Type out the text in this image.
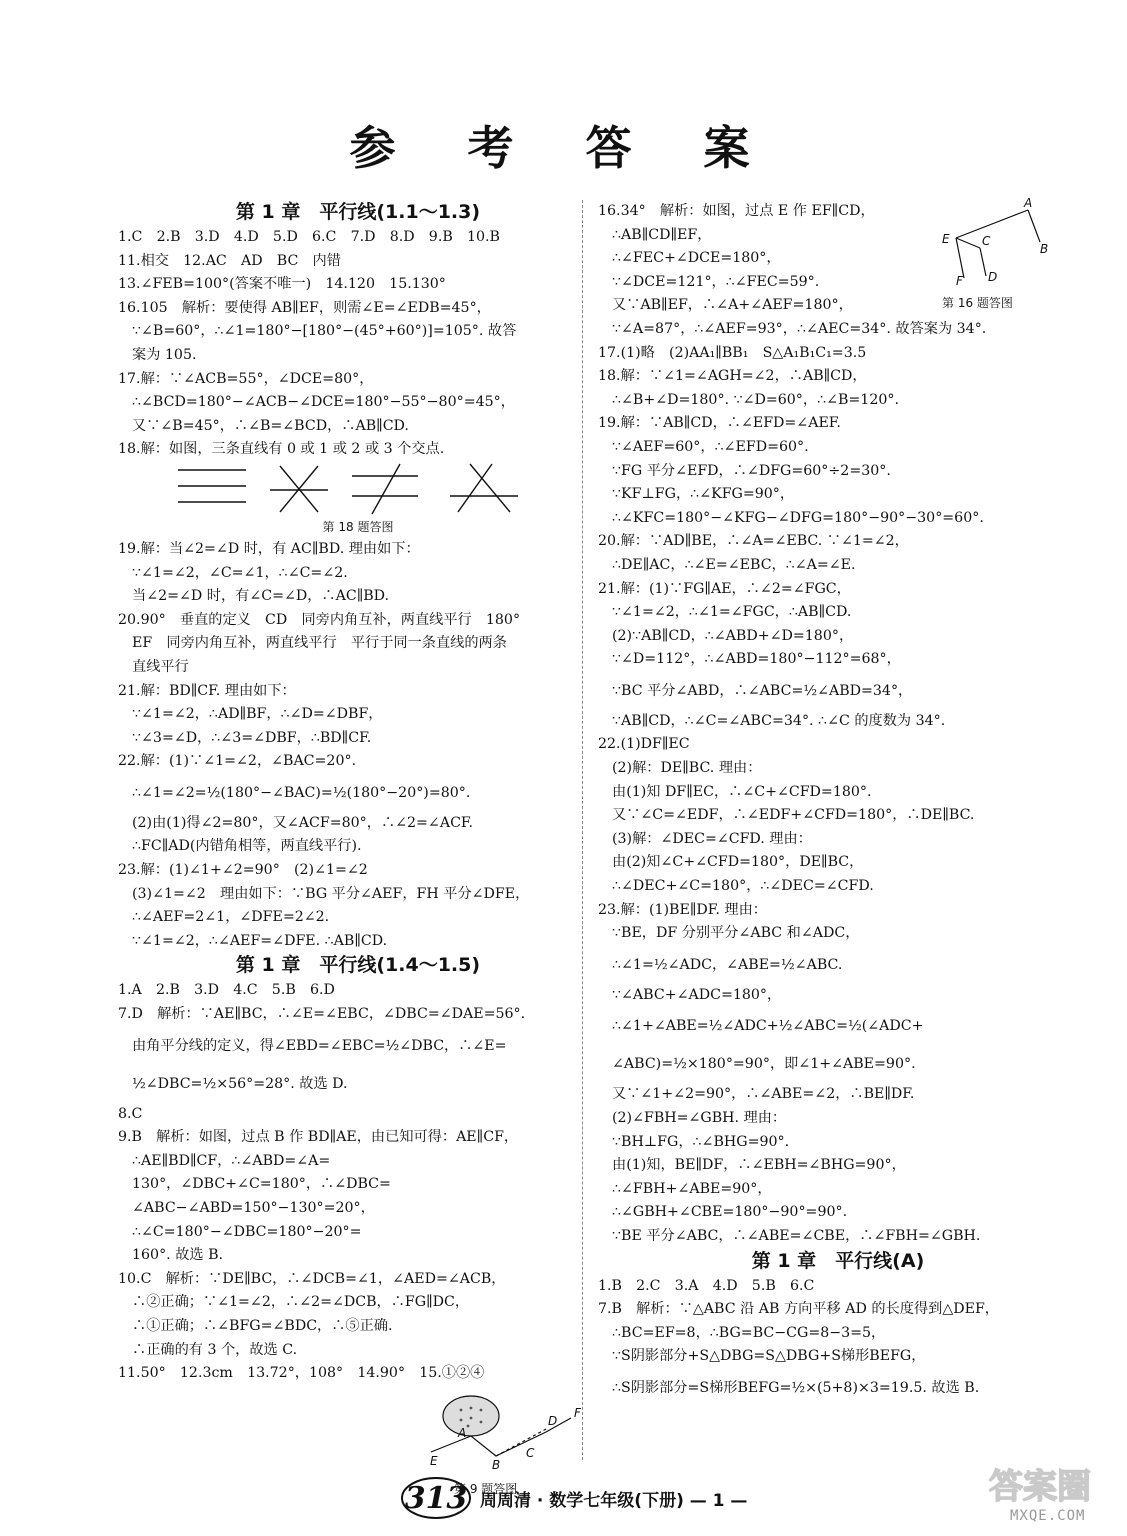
参 考 答 案
第 1 章　平行线(1.1～1.3)
1.C　2.B　3.D　4.D　5.D　6.C　7.D　8.D　9.B　10.B
11.相交　12.AC　AD　BC　内错
13.∠FEB=100°(答案不唯一)　14.120　15.130°
16.105　解析：要使得 AB∥EF，则需∠E=∠EDB=45°，
∵∠B=60°，∴∠1=180°−[180°−(45°+60°)]=105°. 故答
案为 105.
17.解：∵∠ACB=55°，∠DCE=80°，
∴∠BCD=180°−∠ACB−∠DCE=180°−55°−80°=45°，
又∵∠B=45°，∴∠B=∠BCD，∴AB∥CD.
18.解：如图，三条直线有 0 或 1 或 2 或 3 个交点.
第 18 题答图
19.解：当∠2=∠D 时，有 AC∥BD. 理由如下：
∵∠1=∠2，∠C=∠1，∴∠C=∠2.
当∠2=∠D 时，有∠C=∠D，∴AC∥BD.
20.90°　垂直的定义　CD　同旁内角互补，两直线平行　180°
EF　同旁内角互补，两直线平行　平行于同一条直线的两条
直线平行
21.解：BD∥CF. 理由如下：
∵∠1=∠2，∴AD∥BF，∴∠D=∠DBF，
∵∠3=∠D，∴∠3=∠DBF，∴BD∥CF.
22.解：(1)∵∠1=∠2，∠BAC=20°.
∴∠1=∠2=½(180°−∠BAC)=½(180°−20°)=80°.
(2)由(1)得∠2=80°，又∠ACF=80°，∴∠2=∠ACF.
∴FC∥AD(内错角相等，两直线平行).
23.解：(1)∠1+∠2=90°　(2)∠1=∠2
(3)∠1=∠2　理由如下：∵BG 平分∠AEF，FH 平分∠DFE，
∴∠AEF=2∠1，∠DFE=2∠2.
∵∠1=∠2，∴∠AEF=∠DFE. ∴AB∥CD.
第 1 章　平行线(1.4～1.5)
1.A　2.B　3.D　4.C　5.B　6.D
7.D　解析：∵AE∥BC，∴∠E=∠EBC，∠DBC=∠DAE=56°.
由角平分线的定义，得∠EBD=∠EBC=½∠DBC，∴∠E=
½∠DBC=½×56°=28°. 故选 D.
8.C
9.B　解析：如图，过点 B 作 BD∥AE，由已知可得：AE∥CF，
∴AE∥BD∥CF，∴∠ABD=∠A=
130°，∠DBC+∠C=180°，∴∠DBC=
∠ABC−∠ABD=150°−130°=20°，
∴∠C=180°−∠DBC=180°−20°=
160°. 故选 B.
10.C　解析：∵DE∥BC，∴∠DCB=∠1，∠AED=∠ACB，
∴②正确；∵∠1=∠2，∴∠2=∠DCB，∴FG∥DC，
∴①正确；∴∠BFG=∠BDC，∴⑤正确.
∴正确的有 3 个，故选 C.
11.50°　12.3cm　13.72°，108°　14.90°　15.①②④
A
B
C
D
E
F
第 9 题答图
16.34°　解析：如图，过点 E 作 EF∥CD，
∴AB∥CD∥EF，
∴∠FEC+∠DCE=180°，
∵∠DCE=121°，∴∠FEC=59°.
又∵AB∥EF，∴∠A+∠AEF=180°，
∵∠A=87°，∴∠AEF=93°，∴∠AEC=34°. 故答案为 34°.
17.(1)略　(2)AA₁∥BB₁　S△A₁B₁C₁=3.5
18.解：∵∠1=∠AGH=∠2，∴AB∥CD，
∴∠B+∠D=180°. ∵∠D=60°，∴∠B=120°.
19.解：∵AB∥CD，∴∠EFD=∠AEF.
∵∠AEF=60°，∴∠EFD=60°.
∵FG 平分∠EFD，∴∠DFG=60°÷2=30°.
∵KF⊥FG，∴∠KFG=90°，
∴∠KFC=180°−∠KFG−∠DFG=180°−90°−30°=60°.
20.解：∵AD∥BE，∴∠A=∠EBC. ∵∠1=∠2，
∴DE∥AC，∴∠E=∠EBC，∴∠A=∠E.
21.解：(1)∵FG∥AE，∴∠2=∠FGC，
∵∠1=∠2，∴∠1=∠FGC，∴AB∥CD.
(2)∵AB∥CD，∴∠ABD+∠D=180°，
∵∠D=112°，∴∠ABD=180°−112°=68°，
∵BC 平分∠ABD，∴∠ABC=½∠ABD=34°，
∵AB∥CD，∴∠C=∠ABC=34°. ∴∠C 的度数为 34°.
22.(1)DF∥EC
(2)解：DE∥BC. 理由：
由(1)知 DF∥EC，∴∠C+∠CFD=180°.
又∵∠C=∠EDF，∴∠EDF+∠CFD=180°，∴DE∥BC.
(3)解：∠DEC=∠CFD. 理由：
由(2)知∠C+∠CFD=180°，DE∥BC，
∴∠DEC+∠C=180°，∴∠DEC=∠CFD.
23.解：(1)BE∥DF. 理由：
∵BE，DF 分别平分∠ABC 和∠ADC，
∴∠1=½∠ADC，∠ABE=½∠ABC.
∵∠ABC+∠ADC=180°，
∴∠1+∠ABE=½∠ADC+½∠ABC=½(∠ADC+
∠ABC)=½×180°=90°，即∠1+∠ABE=90°.
又∵∠1+∠2=90°，∴∠ABE=∠2，∴BE∥DF.
(2)∠FBH=∠GBH. 理由：
∵BH⊥FG，∴∠BHG=90°.
由(1)知，BE∥DF，∴∠EBH=∠BHG=90°，
∴∠FBH+∠ABE=90°，
∴∠GBH+∠CBE=180°−90°=90°.
∵BE 平分∠ABC，∴∠ABE=∠CBE，∴∠FBH=∠GBH.
A
B
C
D
E
F
第 16 题答图
第 1 章　平行线(A)
1.B　2.C　3.A　4.D　5.B　6.C
7.B　解析：∵△ABC 沿 AB 方向平移 AD 的长度得到△DEF，
∴BC=EF=8，∴BG=BC−CG=8−3=5，
∵S阴影部分+S△DBG=S△DBG+S梯形BEFG，
∴S阴影部分=S梯形BEFG=½×(5+8)×3=19.5. 故选 B.
313 周周清 · 数学七年级(下册) — 1 —	答案圈
MXQE.COM
